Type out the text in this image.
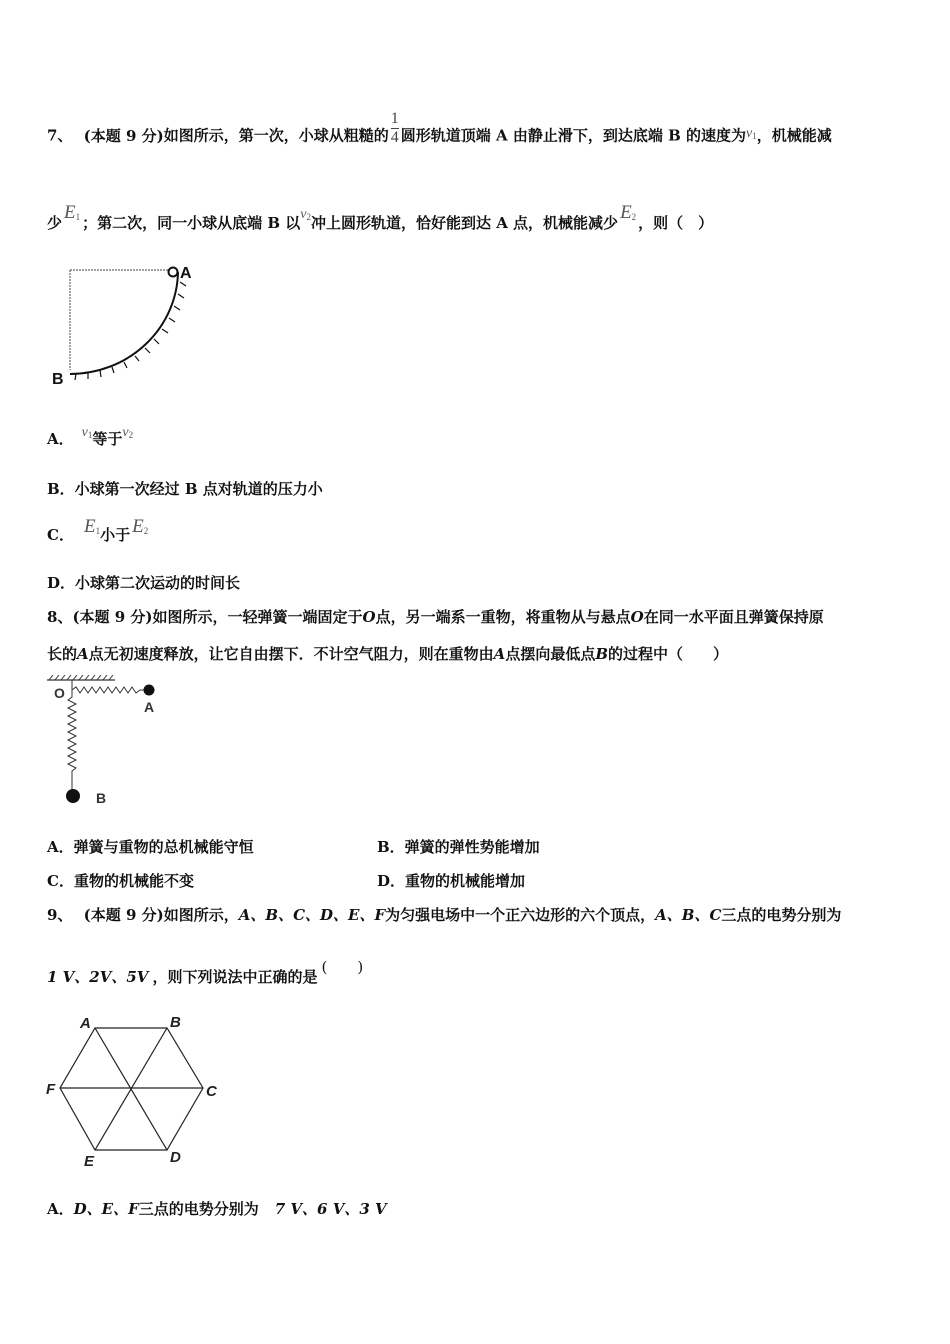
7、 (本题 9 分)如图所示，第一次，小球从粗糙的 $\frac{1}{4}$ 圆形轨道顶端 A 由静止滑下，到达底端 B 的速度为$v_1$，机械能减
少 $E_1$ ；第二次，同一小球从底端 B 以$v_2$冲上圆形轨道，恰好能到达 A 点，机械能减少 $E_2$ ，则（　）
A
B
A． $v_1$等于$v_2$
B．小球第一次经过 B 点对轨道的压力小
C． $E_1$小于 $E_2$
D．小球第二次运动的时间长
8、(本题 9 分)如图所示，一轻弹簧一端固定于O点，另一端系一重物，将重物从与悬点O在同一水平面且弹簧保持原
长的A点无初速度释放，让它自由摆下．不计空气阻力，则在重物由A点摆向最低点B的过程中（　　）
O
A
B
A．弹簧与重物的总机械能守恒	B．弹簧的弹性势能增加
C．重物的机械能不变	D．重物的机械能增加
9、 (本题 9 分)如图所示，A、B、C、D、E、F为匀强电场中一个正六边形的六个顶点，A、B、C三点的电势分别为
1 V、2V、5V ，则下列说法中正确的是(　　)
A	B
C
D
E
F
A．D、E、F三点的电势分别为 7 V、6 V、3 V
